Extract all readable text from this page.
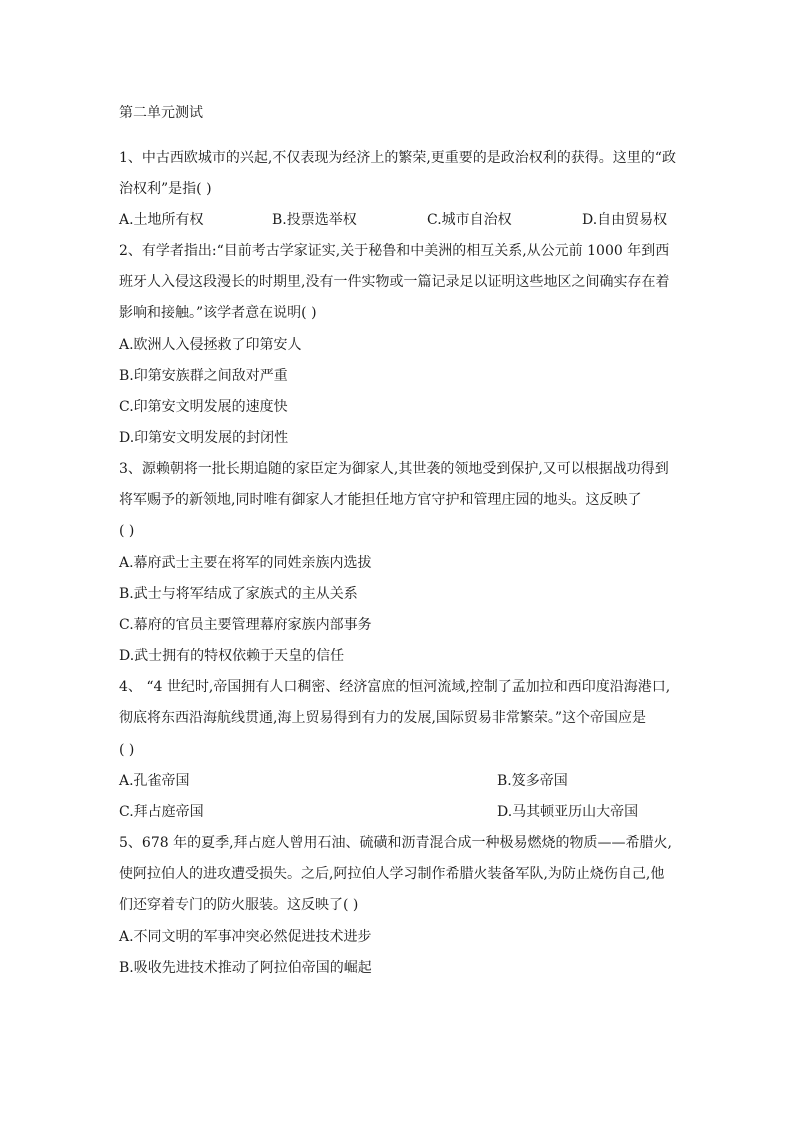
第二单元测试
1、中古西欧城市的兴起,不仅表现为经济上的繁荣,更重要的是政治权利的获得。这里的“政
治权利”是指( )
A.土地所有权	B.投票选举权	C.城市自治权	D.自由贸易权
2、有学者指出:“目前考古学家证实,关于秘鲁和中美洲的相互关系,从公元前 1000 年到西
班牙人入侵这段漫长的时期里,没有一件实物或一篇记录足以证明这些地区之间确实存在着
影响和接触。”该学者意在说明( )
A.欧洲人入侵拯救了印第安人
B.印第安族群之间敌对严重
C.印第安文明发展的速度快
D.印第安文明发展的封闭性
3、源赖朝将一批长期追随的家臣定为御家人,其世袭的领地受到保护,又可以根据战功得到
将军赐予的新领地,同时唯有御家人才能担任地方官守护和管理庄园的地头。这反映了
( )
A.幕府武士主要在将军的同姓亲族内选拔
B.武士与将军结成了家族式的主从关系
C.幕府的官员主要管理幕府家族内部事务
D.武士拥有的特权依赖于天皇的信任
4、 “4 世纪时,帝国拥有人口稠密、经济富庶的恒河流域,控制了孟加拉和西印度沿海港口,
彻底将东西沿海航线贯通,海上贸易得到有力的发展,国际贸易非常繁荣。”这个帝国应是
( )
A.孔雀帝国	B.笈多帝国
C.拜占庭帝国	D.马其顿亚历山大帝国
5、678 年的夏季,拜占庭人曾用石油、硫磺和沥青混合成一种极易燃烧的物质——希腊火,
使阿拉伯人的进攻遭受损失。之后,阿拉伯人学习制作希腊火装备军队,为防止烧伤自己,他
们还穿着专门的防火服装。这反映了( )
A.不同文明的军事冲突必然促进技术进步
B.吸收先进技术推动了阿拉伯帝国的崛起
